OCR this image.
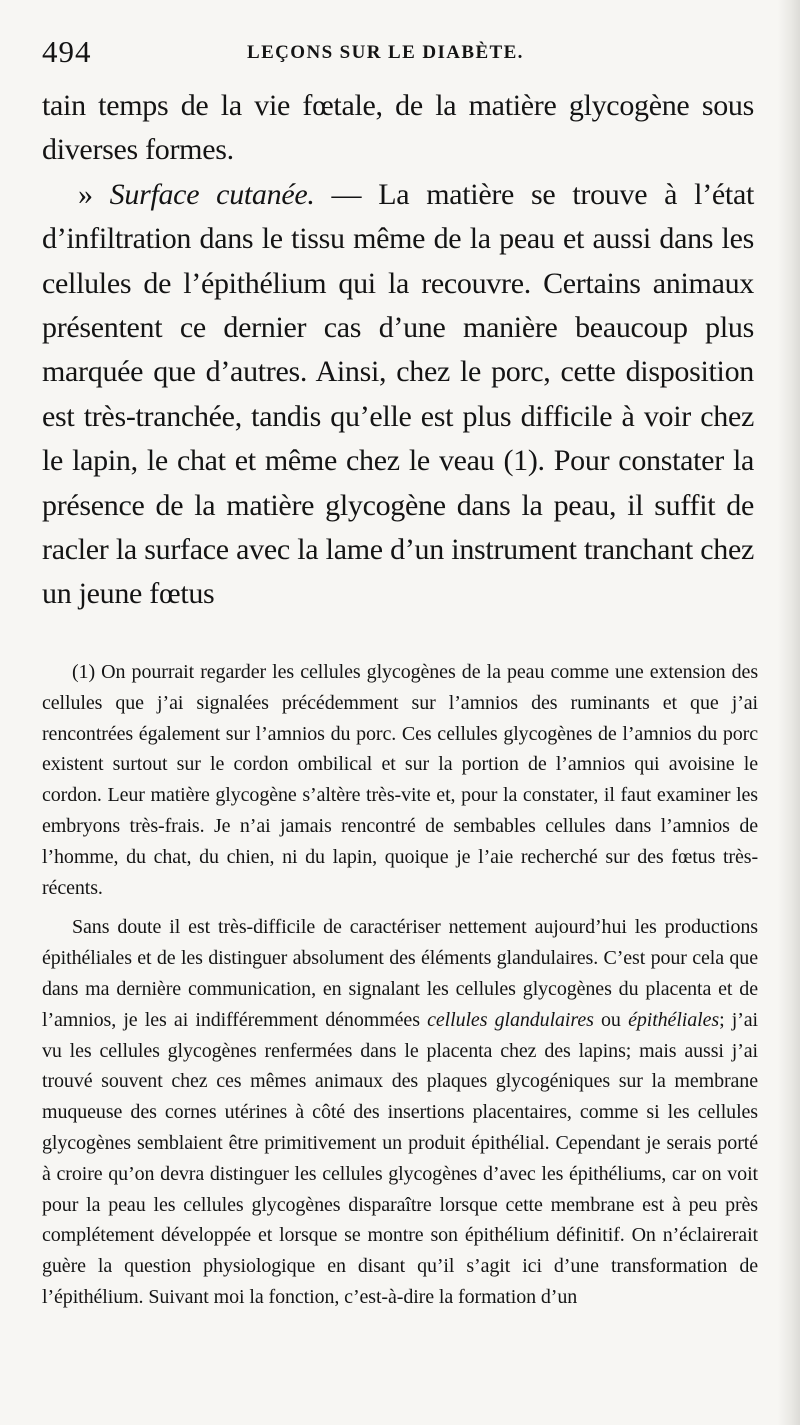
494	LEÇONS SUR LE DIABÈTE.

tain temps de la vie fœtale, de la matière glycogène sous diverses formes.

» Surface cutanée. — La matière se trouve à l’état d’infiltration dans le tissu même de la peau et aussi dans les cellules de l’épithélium qui la recouvre. Certains animaux présentent ce dernier cas d’une manière beaucoup plus marquée que d’autres. Ainsi, chez le porc, cette disposition est très-tranchée, tandis qu’elle est plus difficile à voir chez le lapin, le chat et même chez le veau (1). Pour constater la présence de la matière glycogène dans la peau, il suffit de racler la surface avec la lame d’un instrument tranchant chez un jeune fœtus

(1) On pourrait regarder les cellules glycogènes de la peau comme une extension des cellules que j’ai signalées précédemment sur l’amnios des ruminants et que j’ai rencontrées également sur l’amnios du porc. Ces cellules glycogènes de l’amnios du porc existent surtout sur le cordon ombilical et sur la portion de l’amnios qui avoisine le cordon. Leur matière glycogène s’altère très-vite et, pour la constater, il faut examiner les embryons très-frais. Je n’ai jamais rencontré de sembables cellules dans l’amnios de l’homme, du chat, du chien, ni du lapin, quoique je l’aie recherché sur des fœtus très-récents.

Sans doute il est très-difficile de caractériser nettement aujourd’hui les productions épithéliales et de les distinguer absolument des éléments glandulaires. C’est pour cela que dans ma dernière communication, en signalant les cellules glycogènes du placenta et de l’amnios, je les ai indifféremment dénommées cellules glandulaires ou épithéliales; j’ai vu les cellules glycogènes renfermées dans le placenta chez des lapins; mais aussi j’ai trouvé souvent chez ces mêmes animaux des plaques glycogéniques sur la membrane muqueuse des cornes utérines à côté des insertions placentaires, comme si les cellules glycogènes semblaient être primitivement un produit épithélial. Cependant je serais porté à croire qu’on devra distinguer les cellules glycogènes d’avec les épithéliums, car on voit pour la peau les cellules glycogènes disparaître lorsque cette membrane est à peu près complétement développée et lorsque se montre son épithélium définitif. On n’éclairerait guère la question physiologique en disant qu’il s’agit ici d’une transformation de l’épithélium. Suivant moi la fonction, c’est-à-dire la formation d’un
